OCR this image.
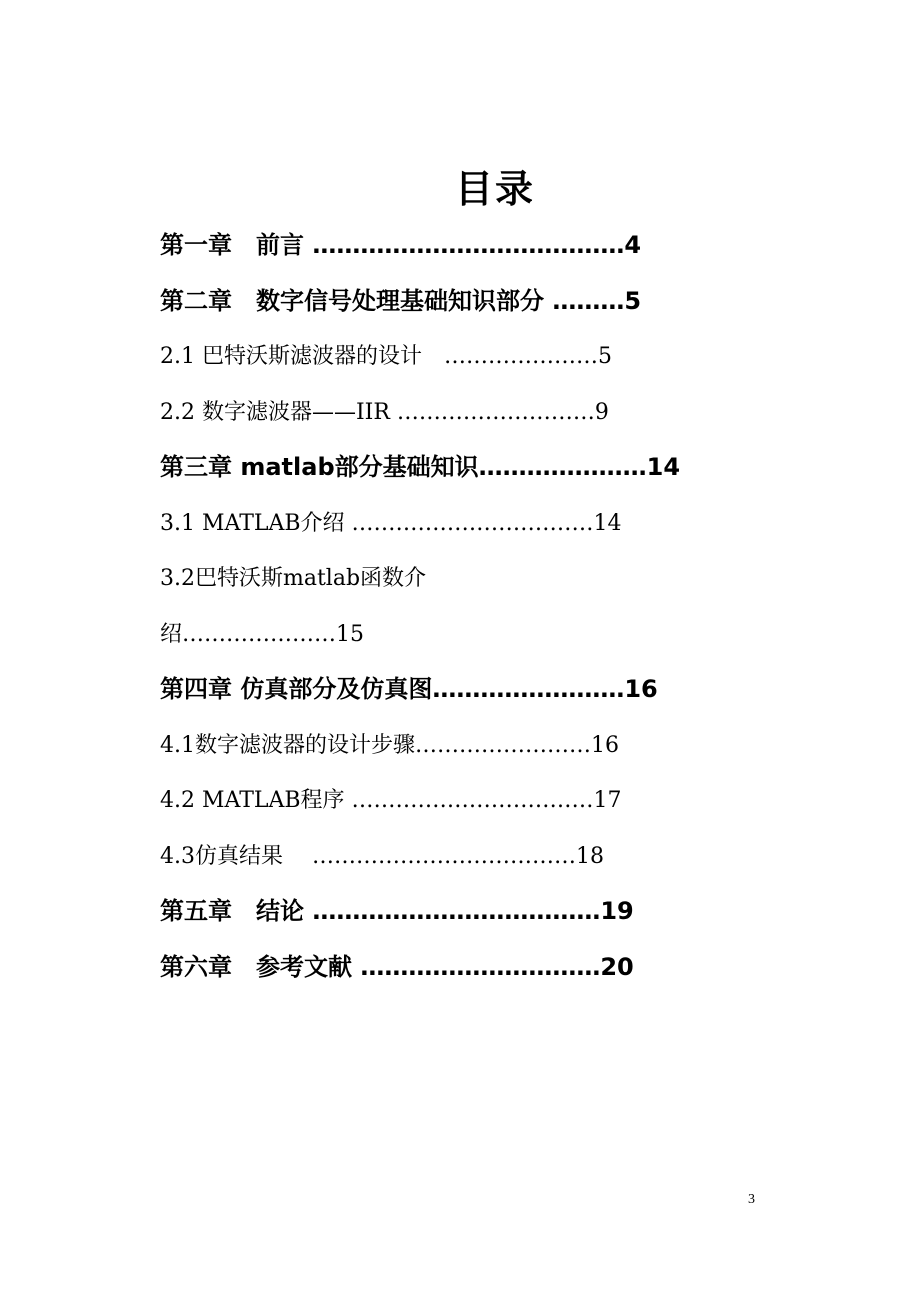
目录
第一章　前言 …………………………………4
第二章　数字信号处理基础知识部分 ………5
2.1 巴特沃斯滤波器的设计　…………………5
2.2 数字滤波器——IIR ………………………9
第三章 matlab部分基础知识…………………14
3.1 MATLAB介绍 ……………………………14
3.2巴特沃斯matlab函数介
绍…………………15
第四章 仿真部分及仿真图……………………16
4.1数字滤波器的设计步骤……………………16
4.2 MATLAB程序 ……………………………17
4.3仿真结果　 ………………………………18
第五章　结论 ………………………………19
第六章　参考文献 …………………………20
3
